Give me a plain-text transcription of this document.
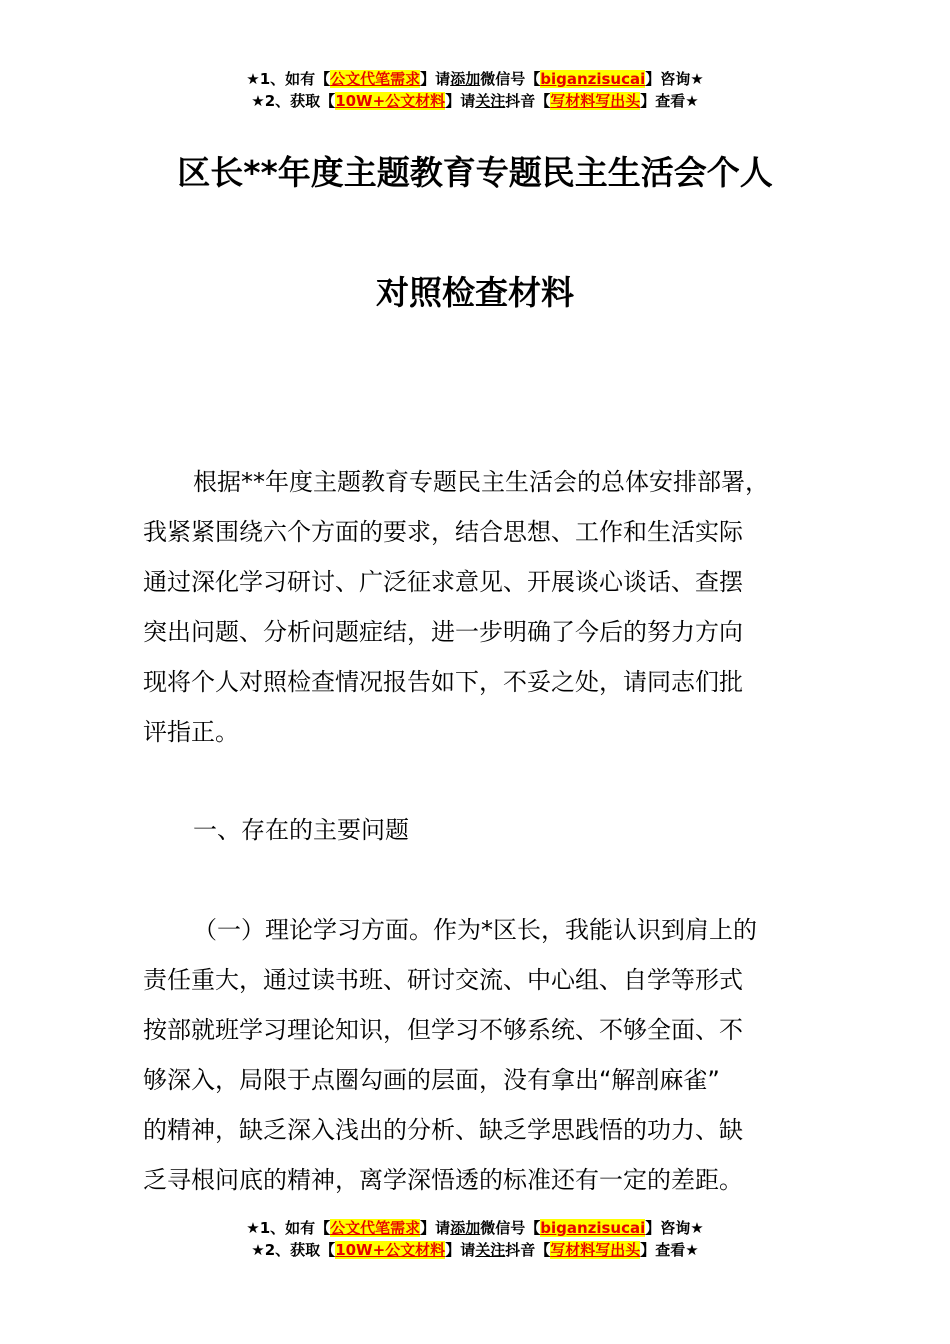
★1、如有【公文代笔需求】请添加微信号【biganzisucai】咨询★
★2、获取【10W+公文材料】请关注抖音【写材料写出头】查看★
区长**年度主题教育专题民主生活会个人
对照检查材料
根据**年度主题教育专题民主生活会的总体安排部署，
我紧紧围绕六个方面的要求，结合思想、工作和生活实际
通过深化学习研讨、广泛征求意见、开展谈心谈话、查摆
突出问题、分析问题症结，进一步明确了今后的努力方向
现将个人对照检查情况报告如下，不妥之处，请同志们批
评指正。
一、存在的主要问题
（一）理论学习方面。作为*区长，我能认识到肩上的
责任重大，通过读书班、研讨交流、中心组、自学等形式
按部就班学习理论知识，但学习不够系统、不够全面、不
够深入，局限于点圈勾画的层面，没有拿出“解剖麻雀”
的精神，缺乏深入浅出的分析、缺乏学思践悟的功力、缺
乏寻根问底的精神，离学深悟透的标准还有一定的差距。
★1、如有【公文代笔需求】请添加微信号【biganzisucai】咨询★
★2、获取【10W+公文材料】请关注抖音【写材料写出头】查看★
